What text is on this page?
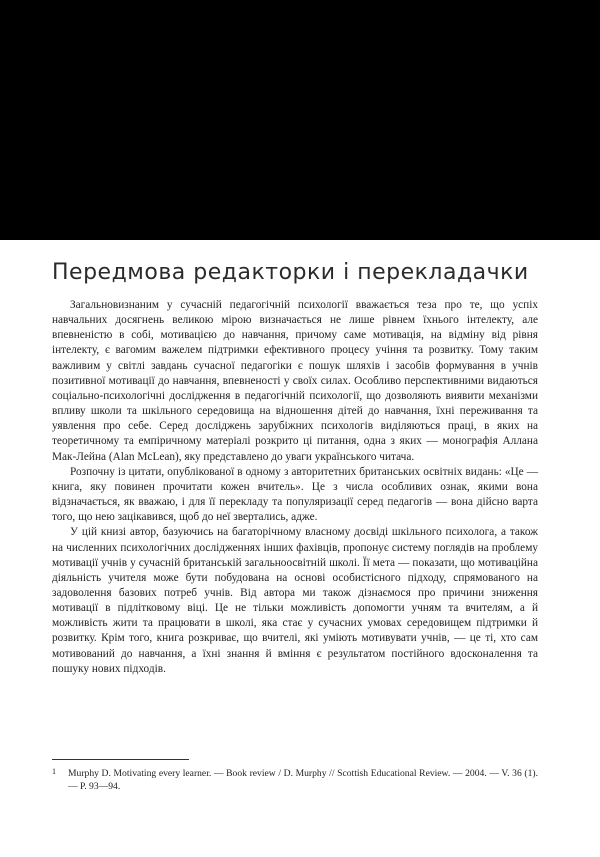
Передмова редакторки і перекладачки

Загальновизнаним у сучасній педагогічній психології вважається теза про те, що успіх навчальних досягнень великою мірою визначається не лише рівнем їхнього інтелекту, але впевненістю в собі, мотивацією до навчання, причому саме мотивація, на відміну від рівня інтелекту, є вагомим важелем підтримки ефективного процесу учіння та розвитку. Тому таким важливим у світлі завдань сучасної педагогіки є пошук шляхів і засобів формування в учнів позитивної мотивації до навчання, впевненості у своїх силах. Особливо перспективними видаються соціально-психологічні дослідження в педагогічній психології, що дозволяють виявити механізми впливу школи та шкільного середовища на відношення дітей до навчання, їхні переживання та уявлення про себе. Серед досліджень зарубіжних психологів виділяються праці, в яких на теоретичному та емпіричному матеріалі розкрито ці питання, одна з яких — монографія Аллана Мак-Лейна (Alan McLean), яку представлено до уваги українського читача.

Розпочну із цитати, опублікованої в одному з авторитетних британських освітніх видань: «Це — книга, яку повинен прочитати кожен вчитель». Це з числа особливих ознак, якими вона відзначається, як вважаю, і для її перекладу та популяризації серед педагогів — вона дійсно варта того, що нею зацікавився, щоб до неї звертались, адже.

У цій книзі автор, базуючись на багаторічному власному досвіді шкільного психолога, а також на численних психологічних дослідженнях інших фахівців, пропонує систему поглядів на проблему мотивації учнів у сучасній британській загальноосвітній школі. Її мета — показати, що мотиваційна діяльність учителя може бути побудована на основі особистісного підходу, спрямованого на задоволення базових потреб учнів. Від автора ми також дізнаємося про причини зниження мотивації в підлітковому віці. Це не тільки можливість допомогти учням та вчителям, а й можливість жити та працювати в школі, яка стає у сучасних умовах середовищем підтримки й розвитку. Крім того, книга розкриває, що вчителі, які уміють мотивувати учнів, — це ті, хто сам мотивований до навчання, а їхні знання й вміння є результатом постійного вдосконалення та пошуку нових підходів.

1	Murphy D. Motivating every learner. — Book review / D. Murphy // Scottish Educational Review. — 2004. — V. 36 (1). — P. 93—94.
